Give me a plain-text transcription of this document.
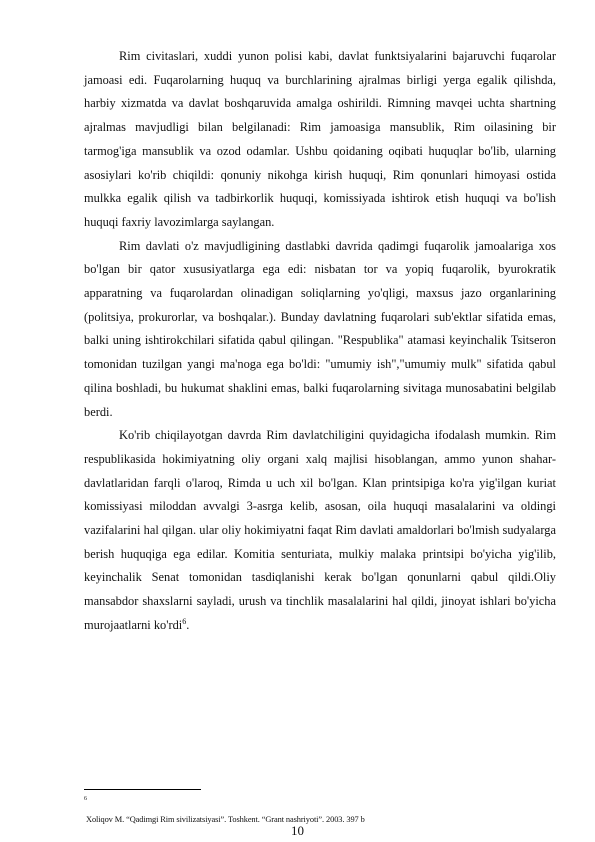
Rim civitaslari, xuddi yunon polisi kabi, davlat funktsiyalarini bajaruvchi fuqarolar jamoasi edi. Fuqarolarning huquq va burchlarining ajralmas birligi yerga egalik qilishda, harbiy xizmatda va davlat boshqaruvida amalga oshirildi. Rimning mavqei uchta shartning ajralmas mavjudligi bilan belgilanadi: Rim jamoasiga mansublik, Rim oilasining bir tarmog'iga mansublik va ozod odamlar. Ushbu qoidaning oqibati huquqlar bo'lib, ularning asosiylari ko'rib chiqildi: qonuniy nikohga kirish huquqi, Rim qonunlari himoyasi ostida mulkka egalik qilish va tadbirkorlik huquqi, komissiyada ishtirok etish huquqi va bo'lish huquqi faxriy lavozimlarga saylangan.

Rim davlati o'z mavjudligining dastlabki davrida qadimgi fuqarolik jamoalariga xos bo'lgan bir qator xususiyatlarga ega edi: nisbatan tor va yopiq fuqarolik, byurokratik apparatning va fuqarolardan olinadigan soliqlarning yo'qligi, maxsus jazo organlarining (politsiya, prokurorlar, va boshqalar.). Bunday davlatning fuqarolari sub'ektlar sifatida emas, balki uning ishtirokchilari sifatida qabul qilingan. "Respublika" atamasi keyinchalik Tsitseron tomonidan tuzilgan yangi ma'noga ega bo'ldi: "umumiy ish","umumiy mulk" sifatida qabul qilina boshladi, bu hukumat shaklini emas, balki fuqarolarning sivitaga munosabatini belgilab berdi.

Ko'rib chiqilayotgan davrda Rim davlatchiligini quyidagicha ifodalash mumkin. Rim respublikasida hokimiyatning oliy organi xalq majlisi hisoblangan, ammo yunon shahar-davlatlaridan farqli o'laroq, Rimda u uch xil bo'lgan. Klan printsipiga ko'ra yig'ilgan kuriat komissiyasi miloddan avvalgi 3-asrga kelib, asosan, oila huquqi masalalarini va oldingi vazifalarini hal qilgan. ular oliy hokimiyatni faqat Rim davlati amaldorlari bo'lmish sudyalarga berish huquqiga ega edilar. Komitia senturiata, mulkiy malaka printsipi bo'yicha yig'ilib, keyinchalik Senat tomonidan tasdiqlanishi kerak bo'lgan qonunlarni qabul qildi.Oliy mansabdor shaxslarni sayladi, urush va tinchlik masalalarini hal qildi, jinoyat ishlari bo'yicha murojaatlarni ko'rdi$^6$.

6
Xoliqov M. “Qadimgi Rim sivilizatsiyasi”. Toshkent. “Grant nashriyoti”. 2003. 397 b
10
